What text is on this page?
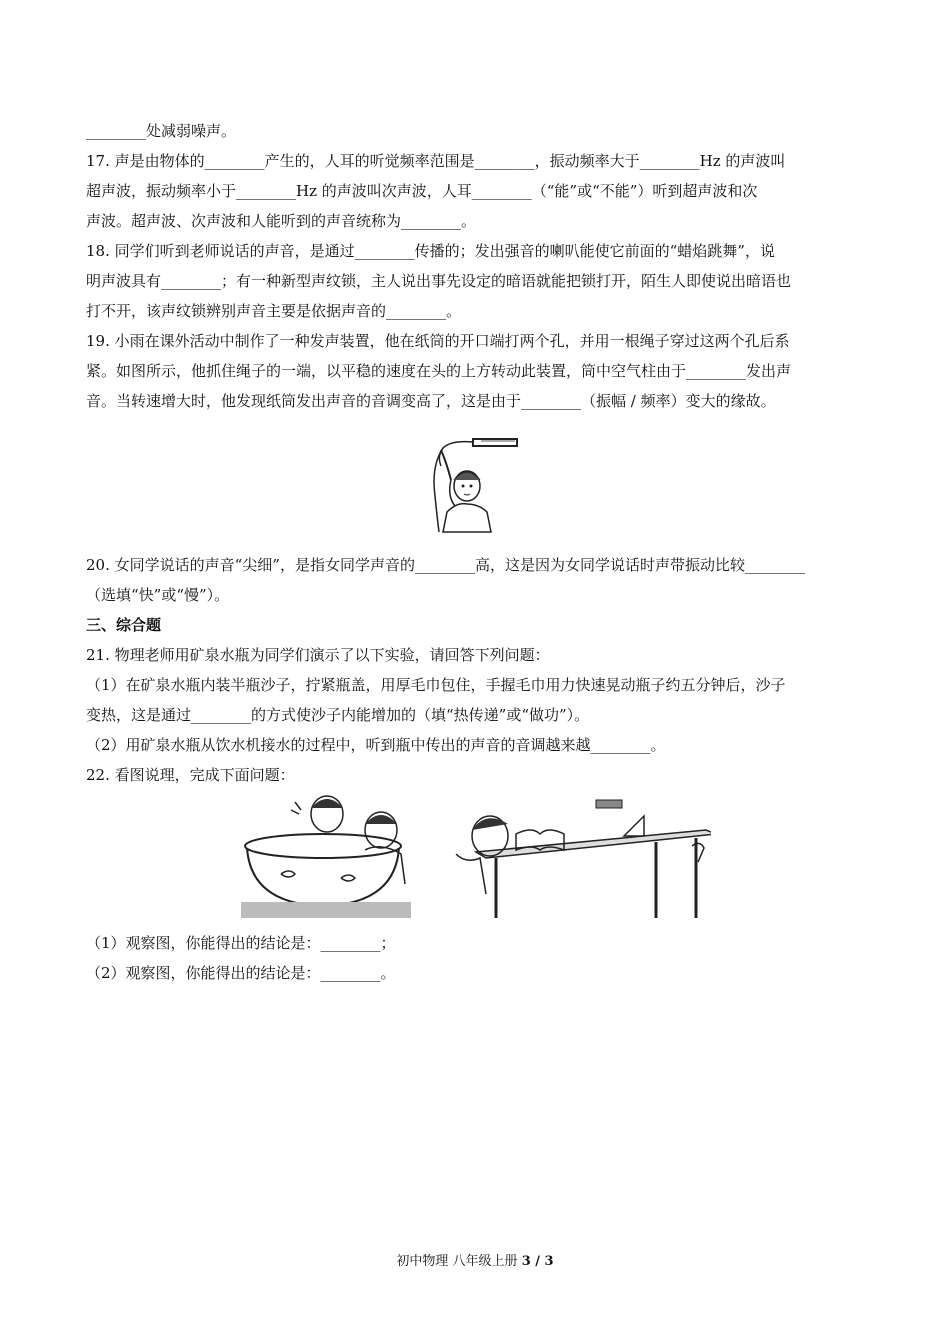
________处减弱噪声。
17. 声是由物体的________产生的，人耳的听觉频率范围是________，振动频率大于________Hz 的声波叫
超声波，振动频率小于________Hz 的声波叫次声波，人耳________（“能”或“不能”）听到超声波和次
声波。超声波、次声波和人能听到的声音统称为________。
18. 同学们听到老师说话的声音，是通过________传播的；发出强音的喇叭能使它前面的“蜡焰跳舞”，说
明声波具有________；有一种新型声纹锁，主人说出事先设定的暗语就能把锁打开，陌生人即使说出暗语也
打不开，该声纹锁辨别声音主要是依据声音的________。
19. 小雨在课外活动中制作了一种发声装置，他在纸筒的开口端打两个孔，并用一根绳子穿过这两个孔后系
紧。如图所示，他抓住绳子的一端，以平稳的速度在头的上方转动此装置，筒中空气柱由于________发出声
音。当转速增大时，他发现纸筒发出声音的音调变高了，这是由于________（振幅 / 频率）变大的缘故。
20. 女同学说话的声音“尖细”，是指女同学声音的________高，这是因为女同学说话时声带振动比较________
（选填“快”或“慢”）。
三、综合题
21. 物理老师用矿泉水瓶为同学们演示了以下实验，请回答下列问题：
（1）在矿泉水瓶内装半瓶沙子，拧紧瓶盖，用厚毛巾包住，手握毛巾用力快速晃动瓶子约五分钟后，沙子
变热，这是通过________的方式使沙子内能增加的（填“热传递”或“做功”）。
（2）用矿泉水瓶从饮水机接水的过程中，听到瓶中传出的声音的音调越来越________。
22. 看图说理，完成下面问题：
（1）观察图，你能得出的结论是：________；
（2）观察图，你能得出的结论是：________。
初中物理 八年级上册 3 / 3
